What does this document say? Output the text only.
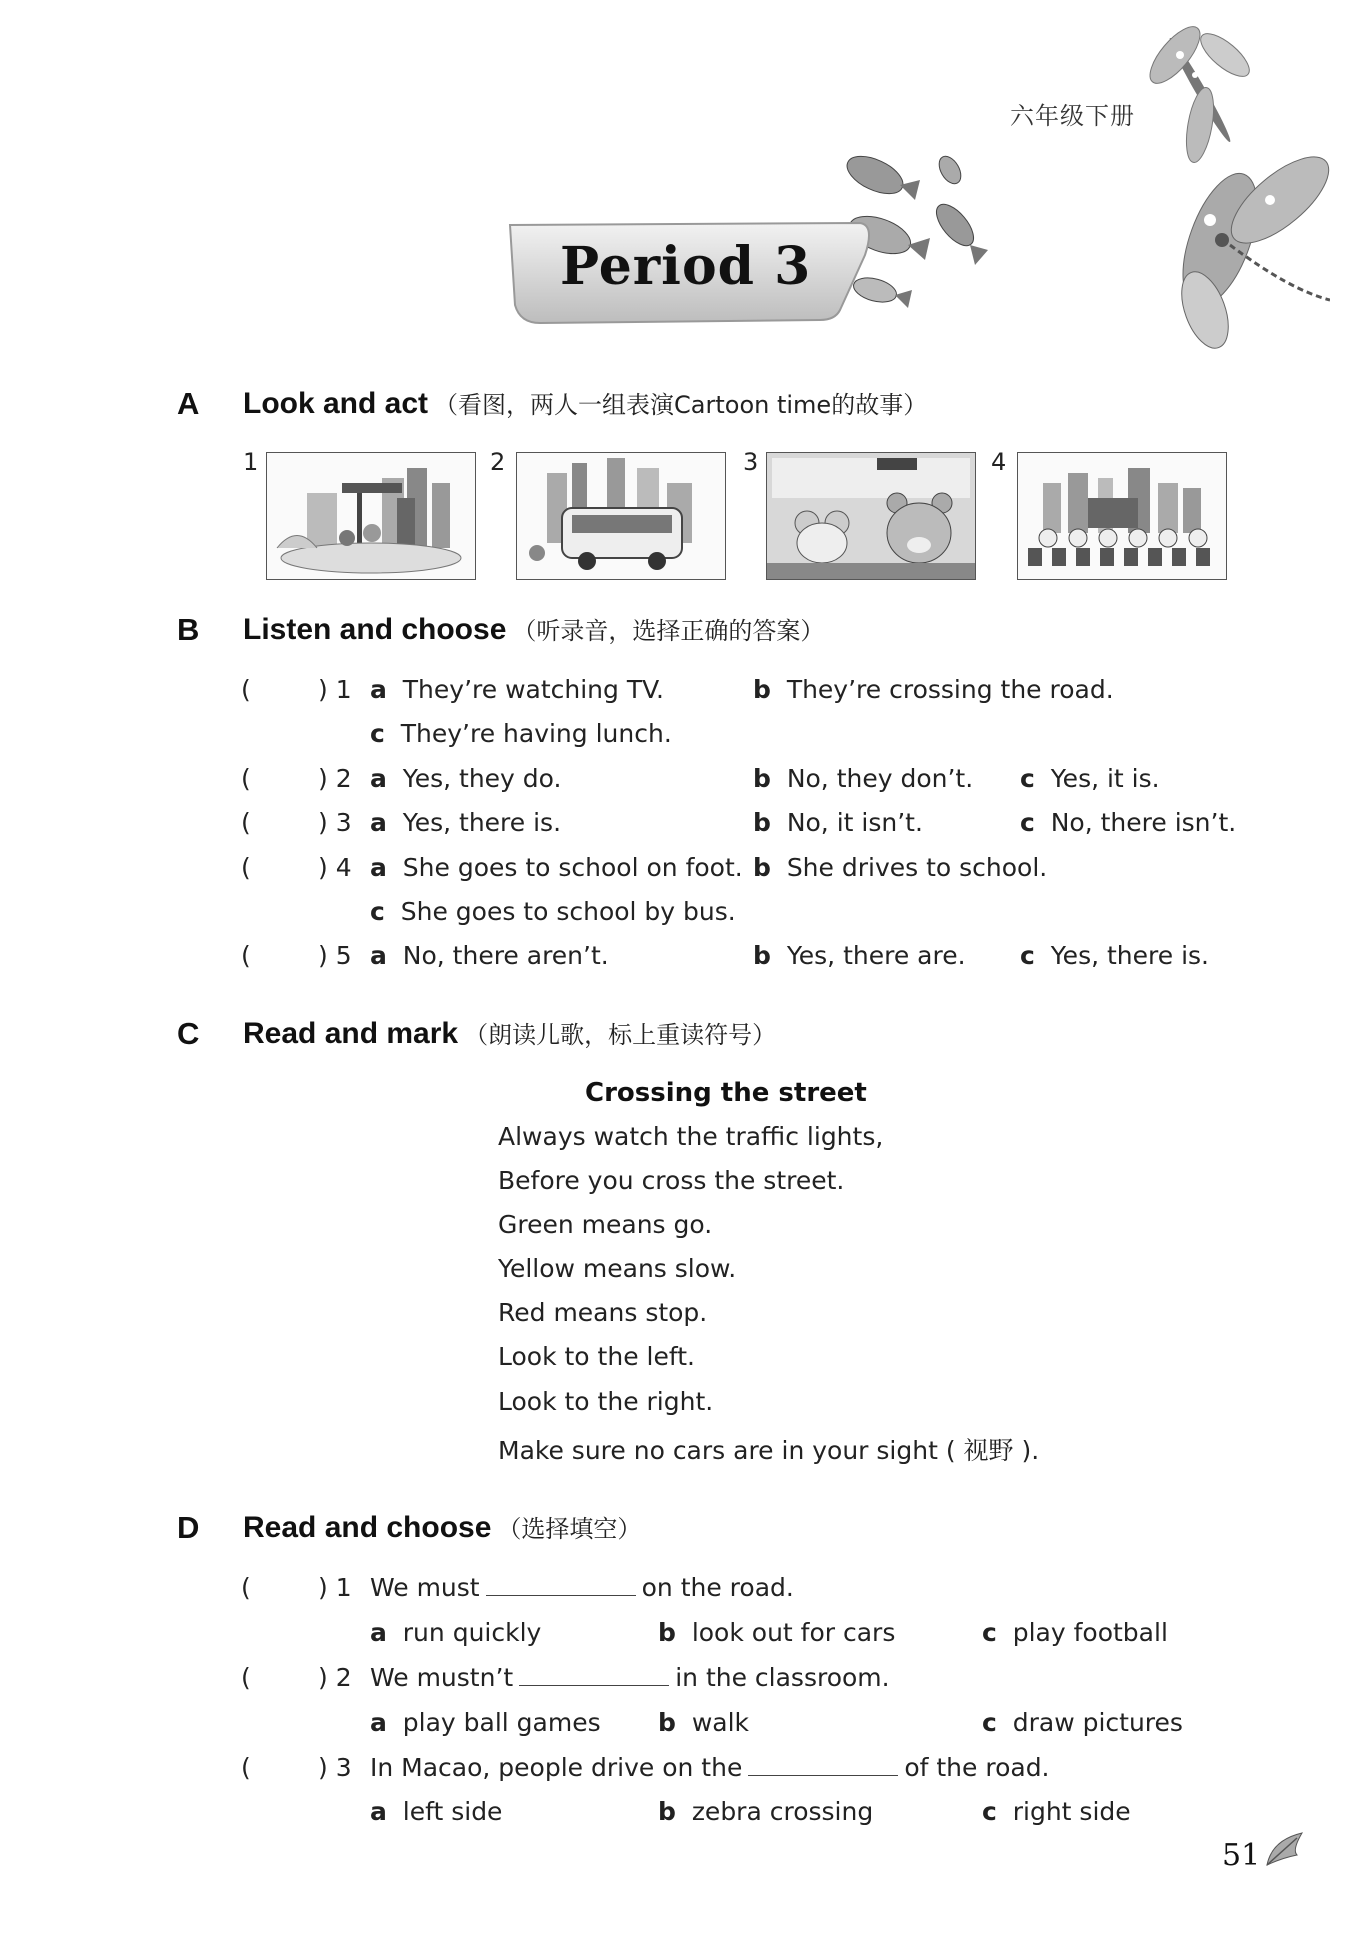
六年级下册
Period 3
A Look and act （看图，两人一组表演Cartoon time的故事）
1	2	3	4
B Listen and choose （听录音，选择正确的答案）
(	) 1 a They’re watching TV.	b They’re crossing the road.
c They’re having lunch.
(	) 2 a Yes, they do.	b No, they don’t. c Yes, it is.
(	) 3 a Yes, there is.	b No, it isn’t.	c No, there isn’t.
(	) 4 a She goes to school on foot. b She drives to school.
c She goes to school by bus.
(	) 5 a No, there aren’t.	b Yes, there are. c Yes, there is.
C Read and mark （朗读儿歌，标上重读符号）
Crossing the street
Always watch the traffic lights,
Before you cross the street.
Green means go.
Yellow means slow.
Red means stop.
Look to the left.
Look to the right.
Make sure no cars are in your sight ( 视野 ).
D Read and choose （选择填空）
(	) 1 We must	on the road.
a run quickly	b look out for cars	c play football
(	) 2 We mustn’t	in the classroom.
a play ball games b walk	c draw pictures
(	) 3 In Macao, people drive on the	of the road.
a left side	b zebra crossing	c right side
51
